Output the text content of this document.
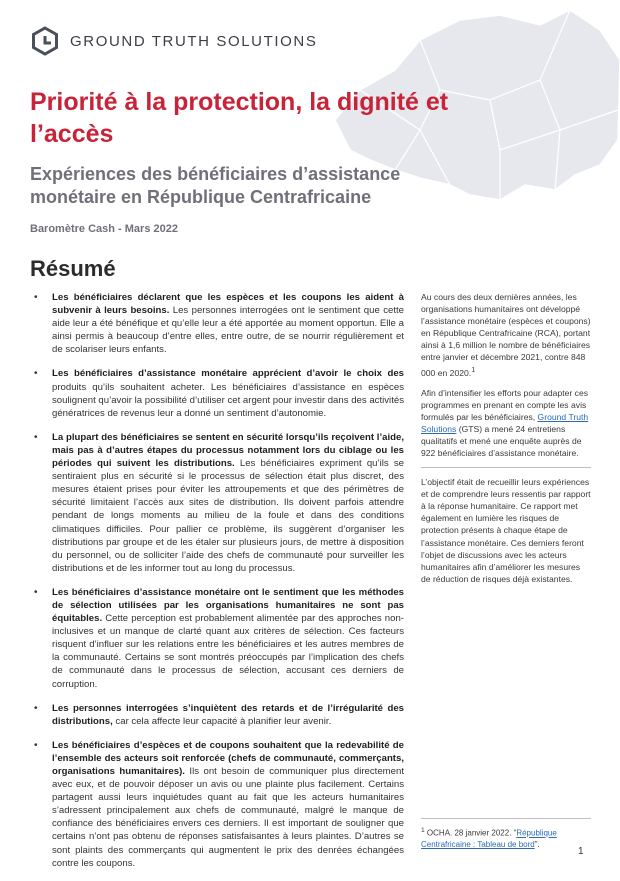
GROUND TRUTH SOLUTIONS
Priorité à la protection, la dignité et l’accès
Expériences des bénéficiaires d’assistance monétaire en République Centrafricaine
Baromètre Cash - Mars 2022
Résumé

• Les bénéficiaires déclarent que les espèces et les coupons les aident à subvenir à leurs besoins. Les personnes interrogées ont le sentiment que cette aide leur a été bénéfique et qu’elle leur a été apportée au moment opportun. Elle a ainsi permis à beaucoup d’entre elles, entre outre, de se nourrir régulièrement et de scolariser leurs enfants.

• Les bénéficiaires d’assistance monétaire apprécient d’avoir le choix des produits qu’ils souhaitent acheter. Les bénéficiaires d’assistance en espèces soulignent qu’avoir la possibilité d’utiliser cet argent pour investir dans des activités génératrices de revenus leur a donné un sentiment d’autonomie.

• La plupart des bénéficiaires se sentent en sécurité lorsqu’ils reçoivent l’aide, mais pas à d’autres étapes du processus notamment lors du ciblage ou les périodes qui suivent les distributions. Les bénéficiaires expriment qu’ils se sentiraient plus en sécurité si le processus de sélection était plus discret, des mesures étaient prises pour éviter les attroupements et que des périmètres de sécurité limitaient l’accès aux sites de distribution. Ils doivent parfois attendre pendant de longs moments au milieu de la foule et dans des conditions climatiques difficiles. Pour pallier ce problème, ils suggèrent d’organiser les distributions par groupe et de les étaler sur plusieurs jours, de mettre à disposition du personnel, ou de solliciter l’aide des chefs de communauté pour surveiller les distributions et de les informer tout au long du processus.

• Les bénéficiaires d’assistance monétaire ont le sentiment que les méthodes de sélection utilisées par les organisations humanitaires ne sont pas équitables. Cette perception est probablement alimentée par des approches non-inclusives et un manque de clarté quant aux critères de sélection. Ces facteurs risquent d’influer sur les relations entre les bénéficiaires et les autres membres de la communauté. Certains se sont montrés préoccupés par l’implication des chefs de communauté dans le processus de sélection, accusant ces derniers de corruption.

• Les personnes interrogées s’inquiètent des retards et de l’irrégularité des distributions, car cela affecte leur capacité à planifier leur avenir.

• Les bénéficiaires d’espèces et de coupons souhaitent que la redevabilité de l’ensemble des acteurs soit renforcée (chefs de communauté, commerçants, organisations humanitaires). Ils ont besoin de communiquer plus directement avec eux, et de pouvoir déposer un avis ou une plainte plus facilement. Certains partagent aussi leurs inquiétudes quant au fait que les acteurs humanitaires s’adressent principalement aux chefs de communauté, malgré le manque de confiance des bénéficiaires envers ces derniers. Il est important de souligner que certains n’ont pas obtenu de réponses satisfaisantes à leurs plaintes. D’autres se sont plaints des commerçants qui augmentent le prix des denrées échangées contre les coupons.

Au cours des deux dernières années, les organisations humanitaires ont développé l’assistance monétaire (espèces et coupons) en République Centrafricaine (RCA), portant ainsi à 1,6 million le nombre de bénéficiaires entre janvier et décembre 2021, contre 848 000 en 2020.$^1$

Afin d’intensifier les efforts pour adapter ces programmes en prenant en compte les avis formulés par les bénéficiaires, Ground Truth Solutions (GTS) a mené 24 entretiens qualitatifs et mené une enquête auprès de 922 bénéficiaires d’assistance monétaire.

L’objectif était de recueillir leurs expériences et de comprendre leurs ressentis par rapport à la réponse humanitaire. Ce rapport met également en lumière les risques de protection présents à chaque étape de l’assistance monétaire. Ces derniers feront l’objet de discussions avec les acteurs humanitaires afin d’améliorer les mesures de réduction de risques déjà existantes.

$^1$ OCHA. 28 janvier 2022. “République Centrafricaine : Tableau de bord”.
1
